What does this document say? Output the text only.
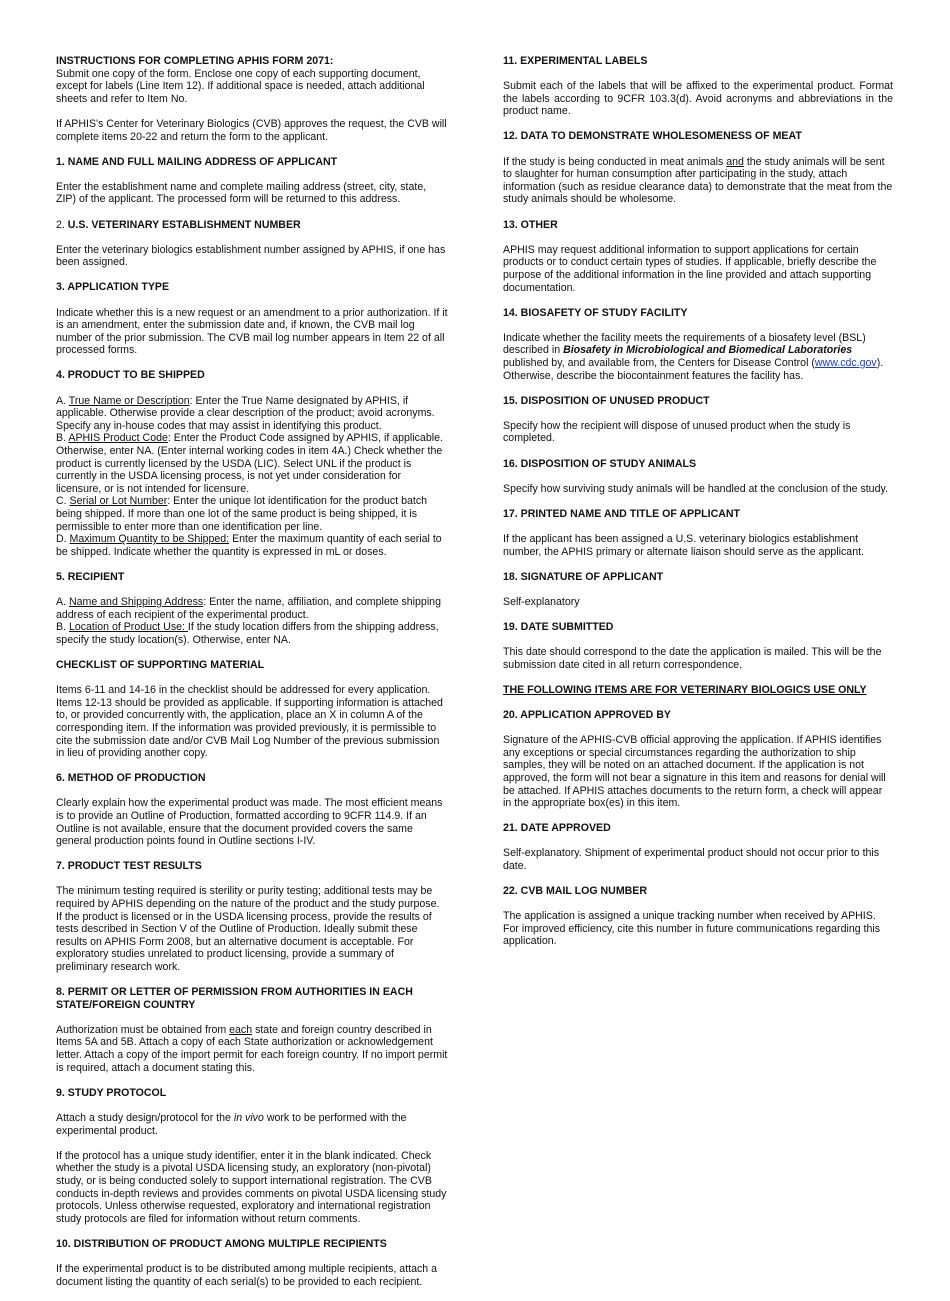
INSTRUCTIONS FOR COMPLETING APHIS FORM 2071:
Submit one copy of the form. Enclose one copy of each supporting document, except for labels (Line Item 12). If additional space is needed, attach additional sheets and refer to Item No.

If APHIS's Center for Veterinary Biologics (CVB) approves the request, the CVB will complete items 20-22 and return the form to the applicant.

1. NAME AND FULL MAILING ADDRESS OF APPLICANT

Enter the establishment name and complete mailing address (street, city, state, ZIP) of the applicant. The processed form will be returned to this address.

2. U.S. VETERINARY ESTABLISHMENT NUMBER

Enter the veterinary biologics establishment number assigned by APHIS, if one has been assigned.

3. APPLICATION TYPE

Indicate whether this is a new request or an amendment to a prior authorization. If it is an amendment, enter the submission date and, if known, the CVB mail log number of the prior submission. The CVB mail log number appears in Item 22 of all processed forms.

4. PRODUCT TO BE SHIPPED

A. True Name or Description: Enter the True Name designated by APHIS, if applicable. Otherwise provide a clear description of the product; avoid acronyms. Specify any in-house codes that may assist in identifying this product.
B. APHIS Product Code: Enter the Product Code assigned by APHIS, if applicable. Otherwise, enter NA. (Enter internal working codes in item 4A.) Check whether the product is currently licensed by the USDA (LIC). Select UNL if the product is currently in the USDA licensing process, is not yet under consideration for licensure, or is not intended for licensure.
C. Serial or Lot Number: Enter the unique lot identification for the product batch being shipped. If more than one lot of the same product is being shipped, it is permissible to enter more than one identification per line.
D. Maximum Quantity to be Shipped: Enter the maximum quantity of each serial to be shipped. Indicate whether the quantity is expressed in mL or doses.

5. RECIPIENT

A. Name and Shipping Address: Enter the name, affiliation, and complete shipping address of each recipient of the experimental product.
B. Location of Product Use: If the study location differs from the shipping address, specify the study location(s). Otherwise, enter NA.

CHECKLIST OF SUPPORTING MATERIAL

Items 6-11 and 14-16 in the checklist should be addressed for every application. Items 12-13 should be provided as applicable. If supporting information is attached to, or provided concurrently with, the application, place an X in column A of the corresponding item. If the information was provided previously, it is permissible to cite the submission date and/or CVB Mail Log Number of the previous submission in lieu of providing another copy.

6. METHOD OF PRODUCTION

Clearly explain how the experimental product was made. The most efficient means is to provide an Outline of Production, formatted according to 9CFR 114.9. If an Outline is not available, ensure that the document provided covers the same general production points found in Outline sections I-IV.

7. PRODUCT TEST RESULTS

The minimum testing required is sterility or purity testing; additional tests may be required by APHIS depending on the nature of the product and the study purpose. If the product is licensed or in the USDA licensing process, provide the results of tests described in Section V of the Outline of Production. Ideally submit these results on APHIS Form 2008, but an alternative document is acceptable. For exploratory studies unrelated to product licensing, provide a summary of preliminary research work.

8. PERMIT OR LETTER OF PERMISSION FROM AUTHORITIES IN EACH STATE/FOREIGN COUNTRY

Authorization must be obtained from each state and foreign country described in Items 5A and 5B. Attach a copy of each State authorization or acknowledgement letter. Attach a copy of the import permit for each foreign country. If no import permit is required, attach a document stating this.

9. STUDY PROTOCOL

Attach a study design/protocol for the in vivo work to be performed with the experimental product.

If the protocol has a unique study identifier, enter it in the blank indicated. Check whether the study is a pivotal USDA licensing study, an exploratory (non-pivotal) study, or is being conducted solely to support international registration. The CVB conducts in-depth reviews and provides comments on pivotal USDA licensing study protocols. Unless otherwise requested, exploratory and international registration study protocols are filed for information without return comments.

10. DISTRIBUTION OF PRODUCT AMONG MULTIPLE RECIPIENTS

If the experimental product is to be distributed among multiple recipients, attach a document listing the quantity of each serial(s) to be provided to each recipient.

11. EXPERIMENTAL LABELS

Submit each of the labels that will be affixed to the experimental product. Format the labels according to 9CFR 103.3(d). Avoid acronyms and abbreviations in the product name.

12. DATA TO DEMONSTRATE WHOLESOMENESS OF MEAT

If the study is being conducted in meat animals and the study animals will be sent to slaughter for human consumption after participating in the study, attach information (such as residue clearance data) to demonstrate that the meat from the study animals should be wholesome.

13. OTHER

APHIS may request additional information to support applications for certain products or to conduct certain types of studies. If applicable, briefly describe the purpose of the additional information in the line provided and attach supporting documentation.

14. BIOSAFETY OF STUDY FACILITY

Indicate whether the facility meets the requirements of a biosafety level (BSL) described in Biosafety in Microbiological and Biomedical Laboratories published by, and available from, the Centers for Disease Control (www.cdc.gov). Otherwise, describe the biocontainment features the facility has.

15. DISPOSITION OF UNUSED PRODUCT

Specify how the recipient will dispose of unused product when the study is completed.

16. DISPOSITION OF STUDY ANIMALS

Specify how surviving study animals will be handled at the conclusion of the study.

17. PRINTED NAME AND TITLE OF APPLICANT

If the applicant has been assigned a U.S. veterinary biologics establishment number, the APHIS primary or alternate liaison should serve as the applicant.

18. SIGNATURE OF APPLICANT

Self-explanatory

19. DATE SUBMITTED

This date should correspond to the date the application is mailed. This will be the submission date cited in all return correspondence.

THE FOLLOWING ITEMS ARE FOR VETERINARY BIOLOGICS USE ONLY

20. APPLICATION APPROVED BY

Signature of the APHIS-CVB official approving the application. If APHIS identifies any exceptions or special circumstances regarding the authorization to ship samples, they will be noted on an attached document. If the application is not approved, the form will not bear a signature in this item and reasons for denial will be attached. If APHIS attaches documents to the return form, a check will appear in the appropriate box(es) in this item.

21. DATE APPROVED

Self-explanatory. Shipment of experimental product should not occur prior to this date.

22. CVB MAIL LOG NUMBER

The application is assigned a unique tracking number when received by APHIS. For improved efficiency, cite this number in future communications regarding this application.
